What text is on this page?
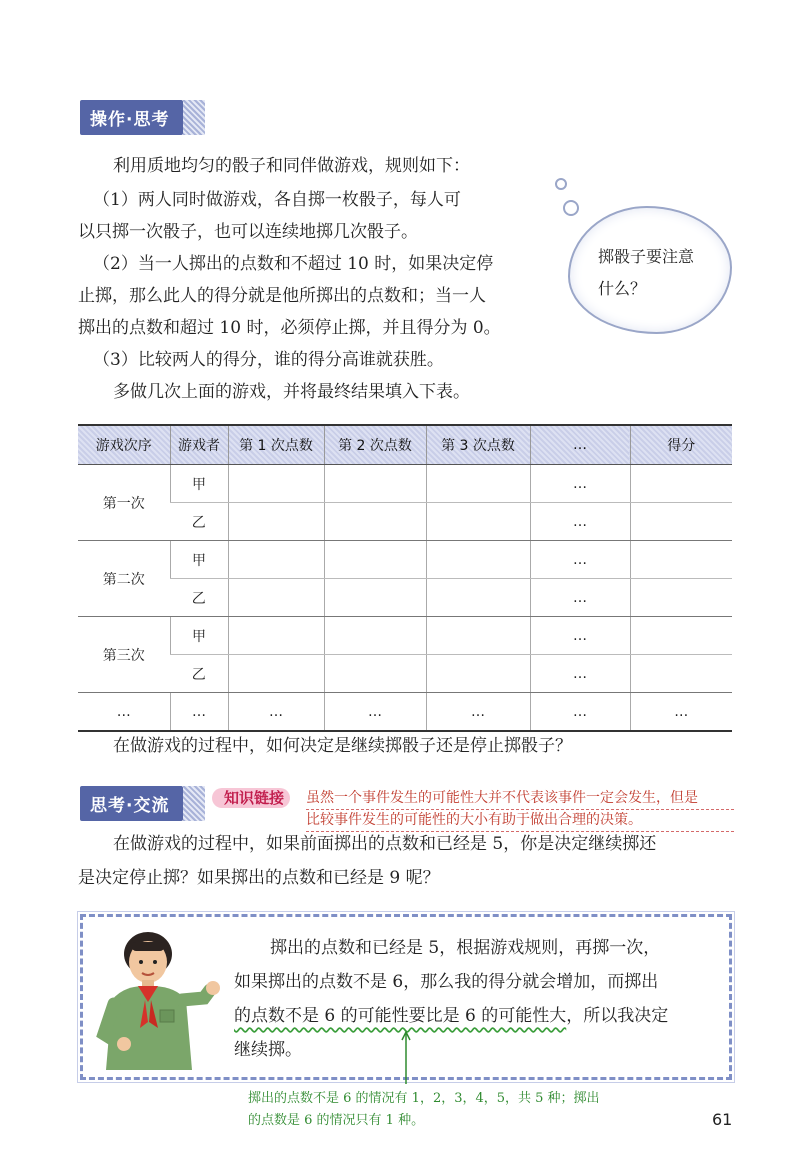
操作·思考
利用质地均匀的骰子和同伴做游戏，规则如下：
（1）两人同时做游戏，各自掷一枚骰子，每人可
以只掷一次骰子，也可以连续地掷几次骰子。
（2）当一人掷出的点数和不超过 10 时，如果决定停
止掷，那么此人的得分就是他所掷出的点数和；当一人
掷出的点数和超过 10 时，必须停止掷，并且得分为 0。
（3）比较两人的得分，谁的得分高谁就获胜。
多做几次上面的游戏，并将最终结果填入下表。
掷骰子要注意
什么？
游戏次序	游戏者	第 1 次点数	第 2 次点数	第 3 次点数	…	得分
第一次	甲				…	
	乙				…	
第二次	甲				…	
	乙				…	
第三次	甲				…	
	乙				…	
…	…	…	…	…	…	…
在做游戏的过程中，如何决定是继续掷骰子还是停止掷骰子？
思考·交流	知识链接	虽然一个事件发生的可能性大并不代表该事件一定会发生，但是
比较事件发生的可能性的大小有助于做出合理的决策。
在做游戏的过程中，如果前面掷出的点数和已经是 5，你是决定继续掷还
是决定停止掷？如果掷出的点数和已经是 9 呢？
掷出的点数和已经是 5，根据游戏规则，再掷一次，
如果掷出的点数不是 6，那么我的得分就会增加，而掷出
的点数不是 6 的可能性要比是 6 的可能性大，所以我决定
继续掷。
掷出的点数不是 6 的情况有 1，2，3，4，5，共 5 种；掷出
的点数是 6 的情况只有 1 种。	61
